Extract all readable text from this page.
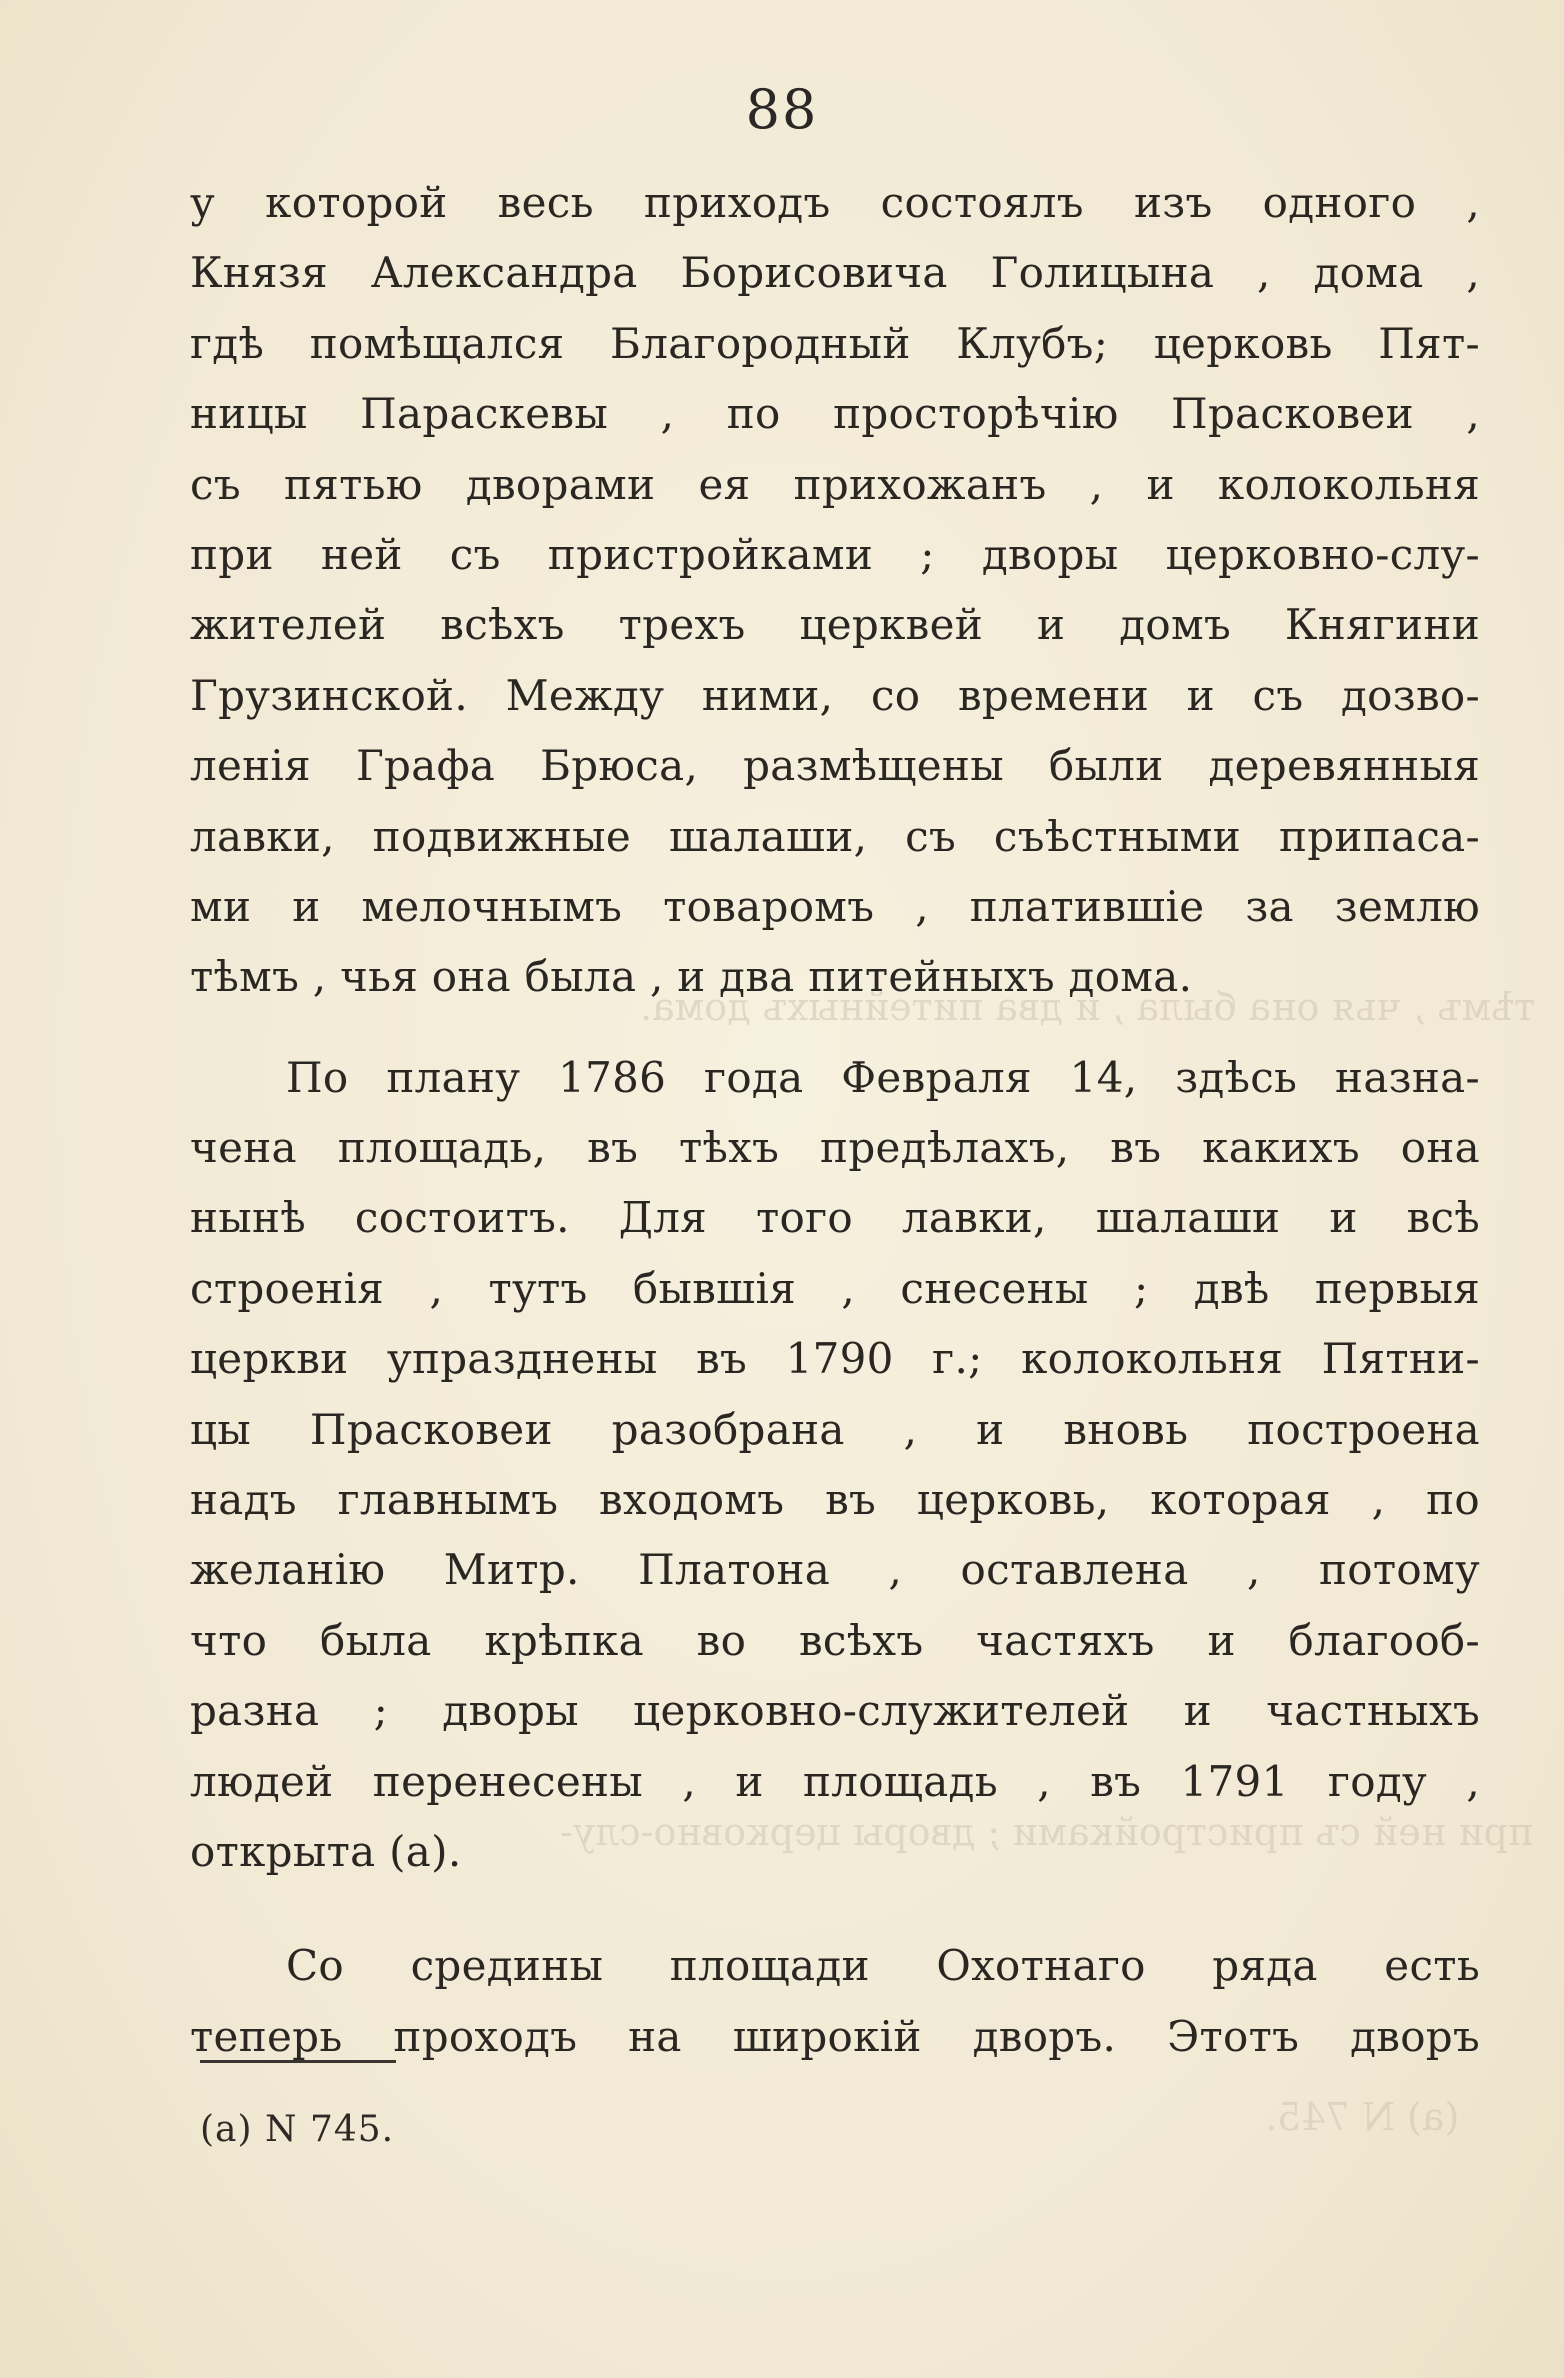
88
у которой весь приходъ состоялъ изъ одного ,
Князя Александра Борисовича Голицына , дома ,
гдѣ помѣщался Благородный Клубъ; церковь Пят-
ницы Параскевы , по просторѣчію Прасковеи ,
съ пятью дворами ея прихожанъ , и колокольня
при ней съ пристройками ; дворы церковно-слу-
жителей всѣхъ трехъ церквей и домъ Княгини
Грузинской. Между ними, со времени и съ дозво-
ленія Графа Брюса, размѣщены были деревянныя
лавки, подвижные шалаши, съ съѣстными припаса-
ми и мелочнымъ товаромъ , платившіе за землю
тѣмъ , чья она была , и два питейныхъ дома.
По плану 1786 года Февраля 14, здѣсь назна-
чена площадь, въ тѣхъ предѣлахъ, въ какихъ она
нынѣ состоитъ. Для того лавки, шалаши и всѣ
строенія , тутъ бывшія , снесены ; двѣ первыя
церкви упразднены въ 1790 г.; колокольня Пятни-
цы Прасковеи разобрана , и вновь построена
надъ главнымъ входомъ въ церковь, которая , по
желанію Митр. Платона , оставлена , потому
что была крѣпка во всѣхъ частяхъ и благооб-
разна ; дворы церковно-служителей и частныхъ
людей перенесены , и площадь , въ 1791 году ,
открыта (а).
Со средины площади Охотнаго ряда есть
теперь проходъ на широкій дворъ. Этотъ дворъ
(а) N 745.
тѣмъ , чья она была , и два питейныхъ дома.
при ней съ пристройками ; дворы церковно-слу-
(а) N 745.
